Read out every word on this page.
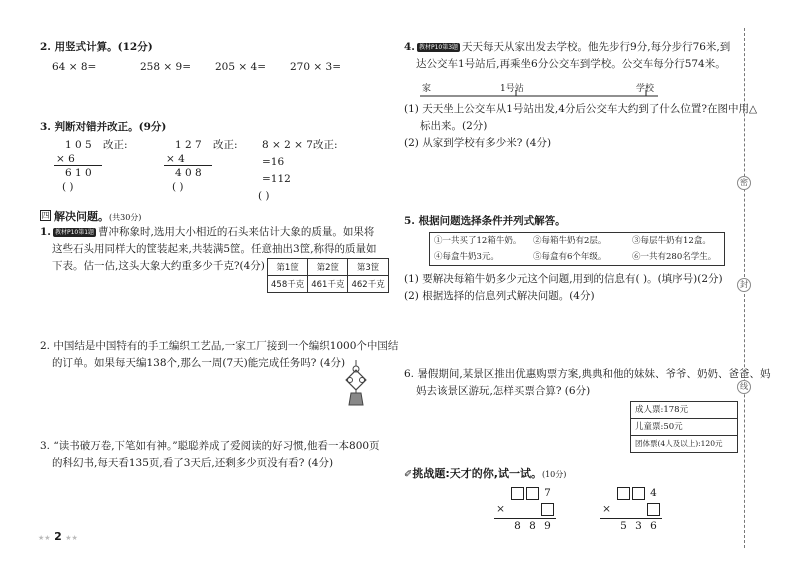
2. 用竖式计算。(12分)
64 × 8=	258 × 9= 205 × 4= 270 × 3=
3. 判断对错并改正。(9分)
1 0 5 改正:
× 6
6 1 0
( )
1 2 7 改正:
× 4
4 0 8
( )
8 × 2 × 7 改正:
=16
=112
( )
四 解决问题。(共30分)
1. 教材P10第1题 曹冲称象时,选用大小相近的石头来估计大象的质量。如果将
这些石头用同样大的筐装起来,共装满5筐。任意抽出3筐,称得的质量如
下表。估一估,这头大象大约重多少千克?(4分) 第1筐	第2筐	第3筐
458千克	461千克	462千克
2. 中国结是中国特有的手工编织工艺品,一家工厂接到一个编织1000个中国结
的订单。如果每天编138个,那么一周(7天)能完成任务吗? (4分)
3. “读书破万卷,下笔如有神。”聪聪养成了爱阅读的好习惯,他看一本800页
的科幻书,每天看135页,看了3天后,还剩多少页没有看? (4分)
★★ 2 ★★
4. 教材P10第3题 天天每天从家出发去学校。他先步行9分,每分步行76米,到
达公交车1号站后,再乘坐6分公交车到学校。公交车每分行574米。
家	1号站	学校
(1) 天天坐上公交车从1号站出发,4分后公交车大约到了什么位置?在图中用△
标出来。(2分)
(2) 从家到学校有多少米? (4分)
5. 根据问题选择条件并列式解答。
①一共买了12箱牛奶。	②每箱牛奶有2层。	③每层牛奶有12盒。
④每盒牛奶3元。	⑤每盒有6个年级。	⑥一共有280名学生。
(1) 要解决每箱牛奶多少元这个问题,用到的信息有( )。(填序号)(2分)
(2) 根据选择的信息列式解决问题。(4分)
6. 暑假期间,某景区推出优惠购票方案,典典和他的妹妹、爷爷、奶奶、爸爸、妈
妈去该景区游玩,怎样买票合算? (6分)
成人票:178元
儿童票:50元
团体票(4人及以上):120元
✐挑战题:天才的你,试一试。(10分)
7
×
8 8 9
4
×
5 3 6
密
封
线
